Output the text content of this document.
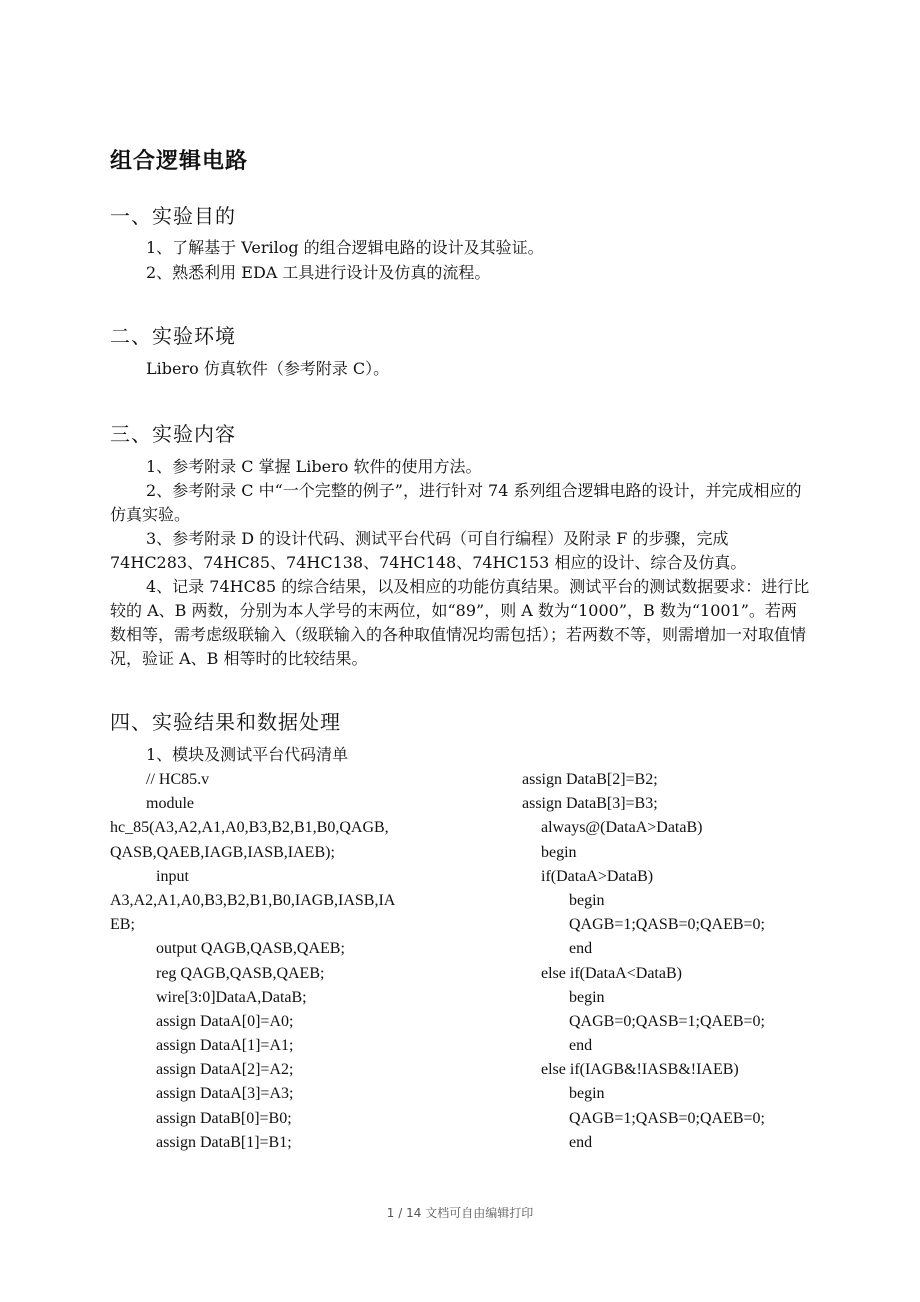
组合逻辑电路
一、实验目的

1、了解基于 Verilog 的组合逻辑电路的设计及其验证。

2、熟悉利用 EDA 工具进行设计及仿真的流程。

二、实验环境

Libero 仿真软件（参考附录 C）。

三、实验内容

1、参考附录 C 掌握 Libero 软件的使用方法。

2、参考附录 C 中“一个完整的例子”，进行针对 74 系列组合逻辑电路的设计，并完成相应的仿真实验。

3、参考附录 D 的设计代码、测试平台代码（可自行编程）及附录 F 的步骤，完成 74HC283、74HC85、74HC138、74HC148、74HC153 相应的设计、综合及仿真。

4、记录 74HC85 的综合结果，以及相应的功能仿真结果。测试平台的测试数据要求：进行比较的 A、B 两数，分别为本人学号的末两位，如“89”，则 A 数为“1000”，B 数为“1001”。若两数相等，需考虑级联输入（级联输入的各种取值情况均需包括）；若两数不等，则需增加一对取值情况，验证 A、B 相等时的比较结果。

四、实验结果和数据处理

1、模块及测试平台代码清单

// HC85.v
module
hc_85(A3,A2,A1,A0,B3,B2,B1,B0,QAGB,
QASB,QAEB,IAGB,IASB,IAEB);
input
A3,A2,A1,A0,B3,B2,B1,B0,IAGB,IASB,IA
EB;
output QAGB,QASB,QAEB;
reg QAGB,QASB,QAEB;
wire[3:0]DataA,DataB;
assign DataA[0]=A0;
assign DataA[1]=A1;
assign DataA[2]=A2;
assign DataA[3]=A3;
assign DataB[0]=B0;
assign DataB[1]=B1;
assign DataB[2]=B2;
assign DataB[3]=B3;
always@(DataA>DataB)
begin
if(DataA>DataB)
begin
QAGB=1;QASB=0;QAEB=0;
end
else if(DataA<DataB)
begin
QAGB=0;QASB=1;QAEB=0;
end
else if(IAGB&!IASB&!IAEB)
begin
QAGB=1;QASB=0;QAEB=0;
end
1 / 14 文档可自由编辑打印
